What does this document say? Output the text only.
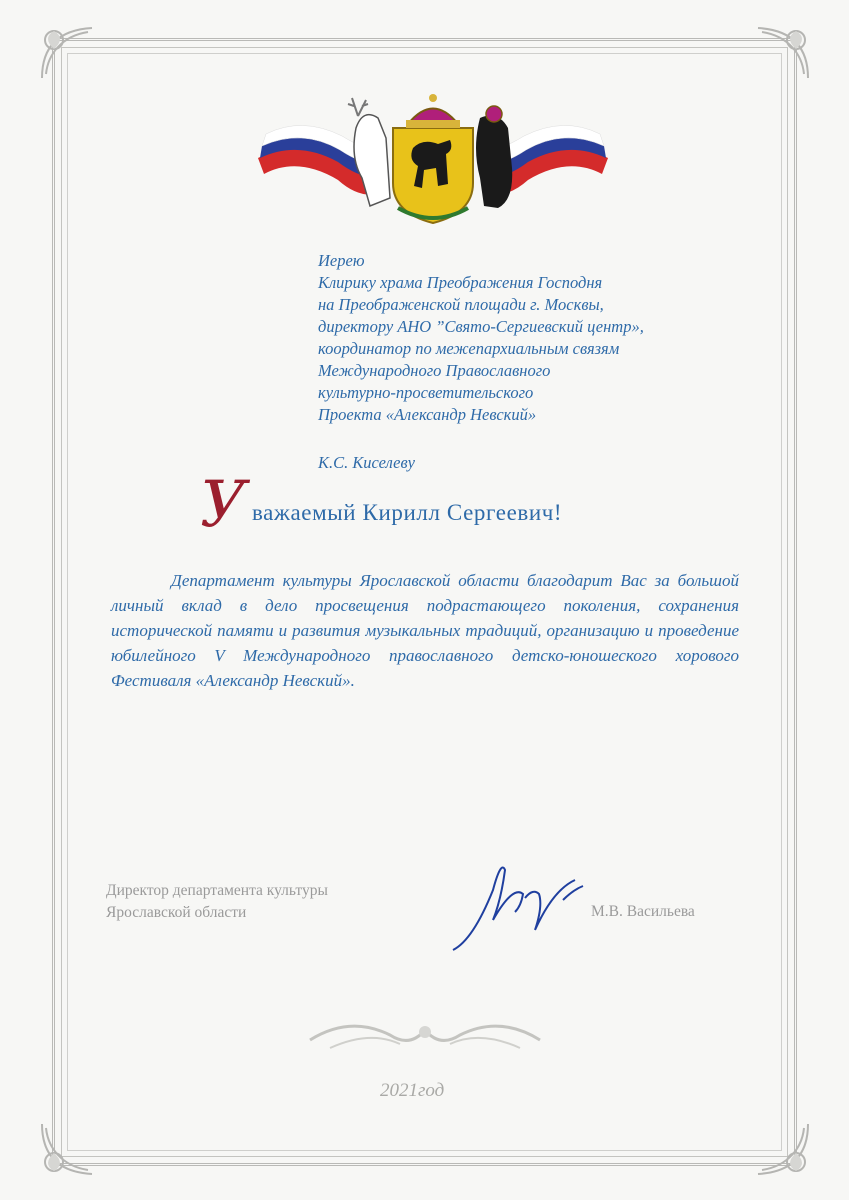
Иерею
Клирику храма Преображения Господня
на Преображенской площади г. Москвы,
директору АНО ”Свято-Сергиевский центр»,
координатор по межепархиальным связям
Международного Православного
культурно-просветительского
Проекта «Александр Невский»
К.С. Киселеву
У важаемый Кирилл Сергеевич!
Департамент культуры Ярославской области благодарит Вас за большой личный вклад в дело просвещения подрастающего поколения, сохранения исторической памяти и развития музыкальных традиций, организацию и проведение юбилейного V Международного православного детско-юношеского хорового Фестиваля «Александр Невский».
Директор департамента культуры
Ярославской области	М.В. Васильева
2021год
